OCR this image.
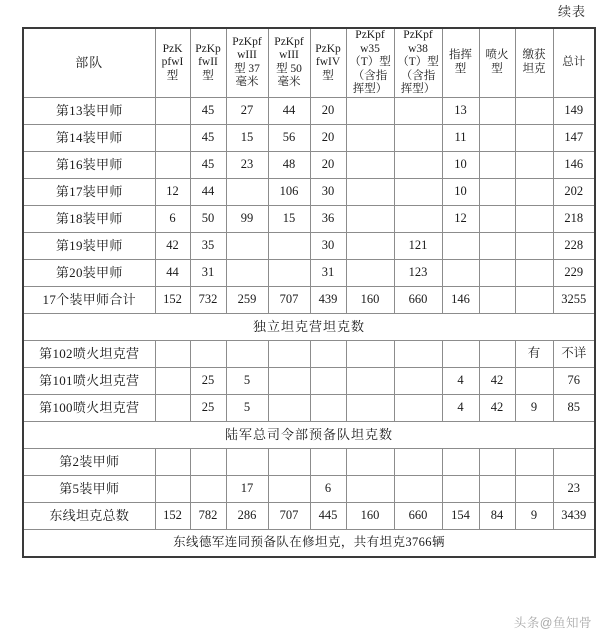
续表
部队	PzK
pfwI
型	PzKp
fwII
型	PzKpf
wIII
型 37
毫米	PzKpf
wIII
型 50
毫米	PzKp
fwIV
型	PzKpf
w35
（T）型
（含指
挥型）	PzKpf
w38
（T）型
（含指
挥型）	指挥
型	喷火
型	缴获
坦克	总计

第13装甲师		45	27	44	20			13			149
第14装甲师		45	15	56	20			11			147
第16装甲师		45	23	48	20			10			146
第17装甲师	12	44		106	30			10			202
第18装甲师	6	50	99	15	36			12			218
第19装甲师	42	35			30		121				228
第20装甲师	44	31			31		123				229
17个装甲师合计	152	732	259	707	439	160	660	146			3255
独立坦克营坦克数											
第102喷火坦克营										有	不详
第101喷火坦克营		25	5					4	42		76
第100喷火坦克营		25	5					4	42	9	85
陆军总司令部预备队坦克数											
第2装甲师											
第5装甲师			17		6						23
东线坦克总数	152	782	286	707	445	160	660	154	84	9	3439
东线德军连同预备队在修坦克，共有坦克3766辆											
头条@鱼知骨
